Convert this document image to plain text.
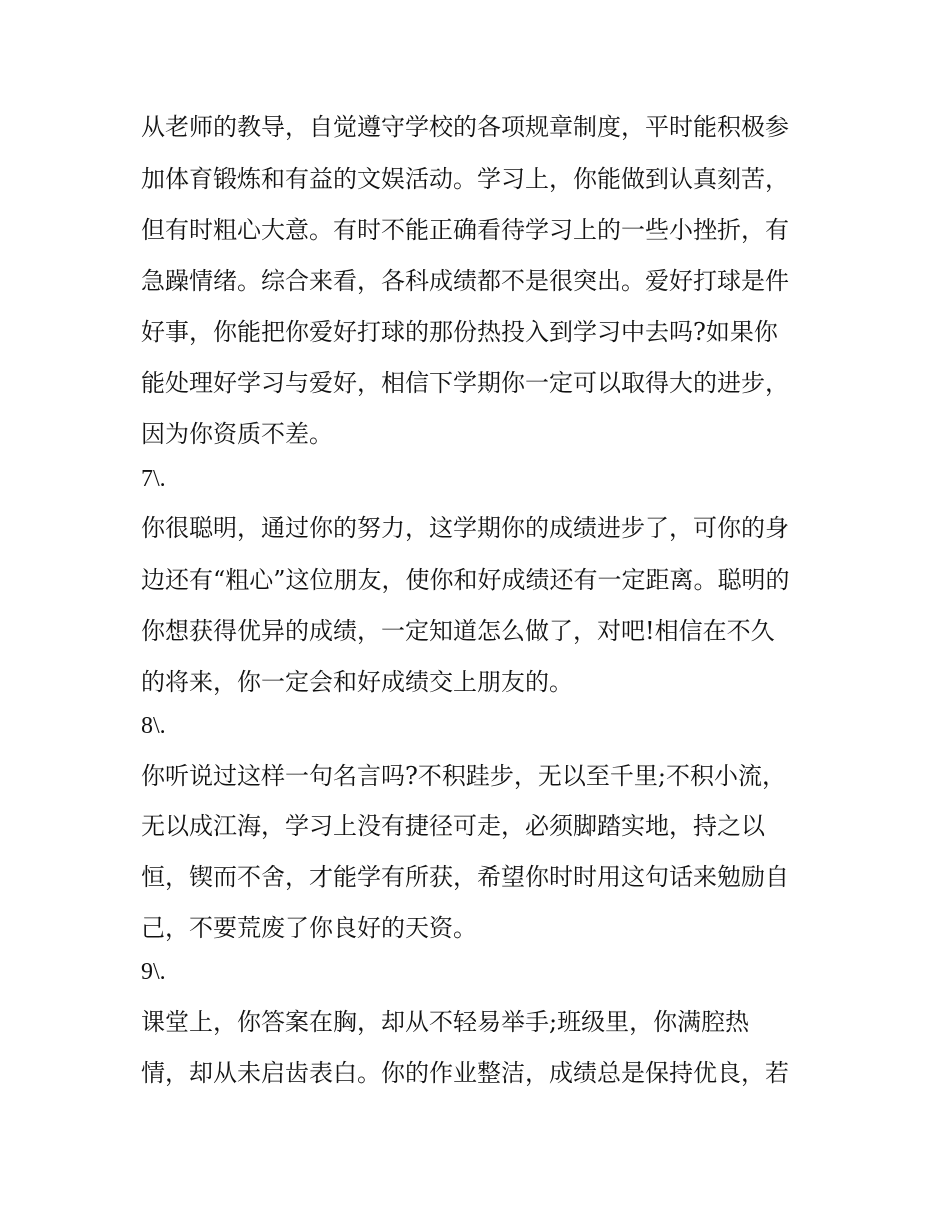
从老师的教导，自觉遵守学校的各项规章制度，平时能积极参
加体育锻炼和有益的文娱活动。学习上，你能做到认真刻苦，
但有时粗心大意。有时不能正确看待学习上的一些小挫折，有
急躁情绪。综合来看，各科成绩都不是很突出。爱好打球是件
好事，你能把你爱好打球的那份热投入到学习中去吗?如果你
能处理好学习与爱好，相信下学期你一定可以取得大的进步，
因为你资质不差。
7\.
你很聪明，通过你的努力，这学期你的成绩进步了，可你的身
边还有“粗心”这位朋友，使你和好成绩还有一定距离。聪明的
你想获得优异的成绩，一定知道怎么做了，对吧!相信在不久
的将来，你一定会和好成绩交上朋友的。
8\.
你听说过这样一句名言吗?不积跬步，无以至千里;不积小流，
无以成江海，学习上没有捷径可走，必须脚踏实地，持之以
恒，锲而不舍，才能学有所获，希望你时时用这句话来勉励自
己，不要荒废了你良好的天资。
9\.
课堂上，你答案在胸，却从不轻易举手;班级里，你满腔热
情，却从未启齿表白。你的作业整洁，成绩总是保持优良，若
